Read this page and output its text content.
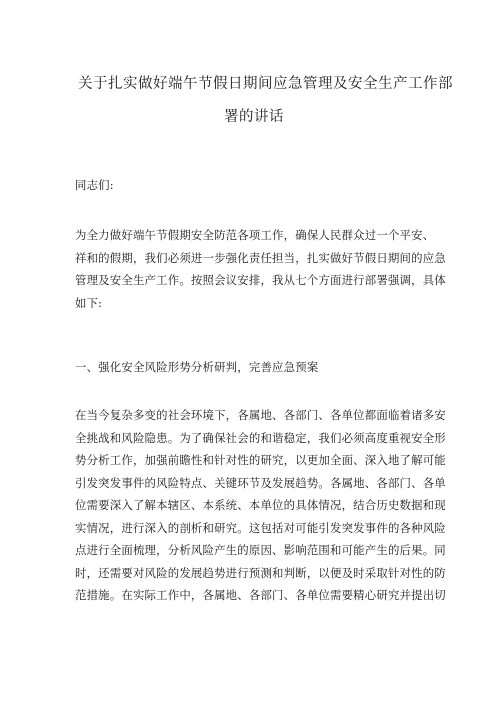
关于扎实做好端午节假日期间应急管理及安全生产工作部
署的讲话
同志们:
为全力做好端午节假期安全防范各项工作，确保人民群众过一个平安、
祥和的假期，我们必须进一步强化责任担当，扎实做好节假日期间的应急
管理及安全生产工作。按照会议安排，我从七个方面进行部署强调，具体
如下:
一、强化安全风险形势分析研判，完善应急预案
在当今复杂多变的社会环境下，各属地、各部门、各单位都面临着诸多安
全挑战和风险隐患。为了确保社会的和谐稳定，我们必须高度重视安全形
势分析工作，加强前瞻性和针对性的研究，以更加全面、深入地了解可能
引发突发事件的风险特点、关键环节及发展趋势。各属地、各部门、各单
位需要深入了解本辖区、本系统、本单位的具体情况，结合历史数据和现
实情况，进行深入的剖析和研究。这包括对可能引发突发事件的各种风险
点进行全面梳理，分析风险产生的原因、影响范围和可能产生的后果。同
时，还需要对风险的发展趋势进行预测和判断，以便及时采取针对性的防
范措施。在实际工作中，各属地、各部门、各单位需要精心研究并提出切
